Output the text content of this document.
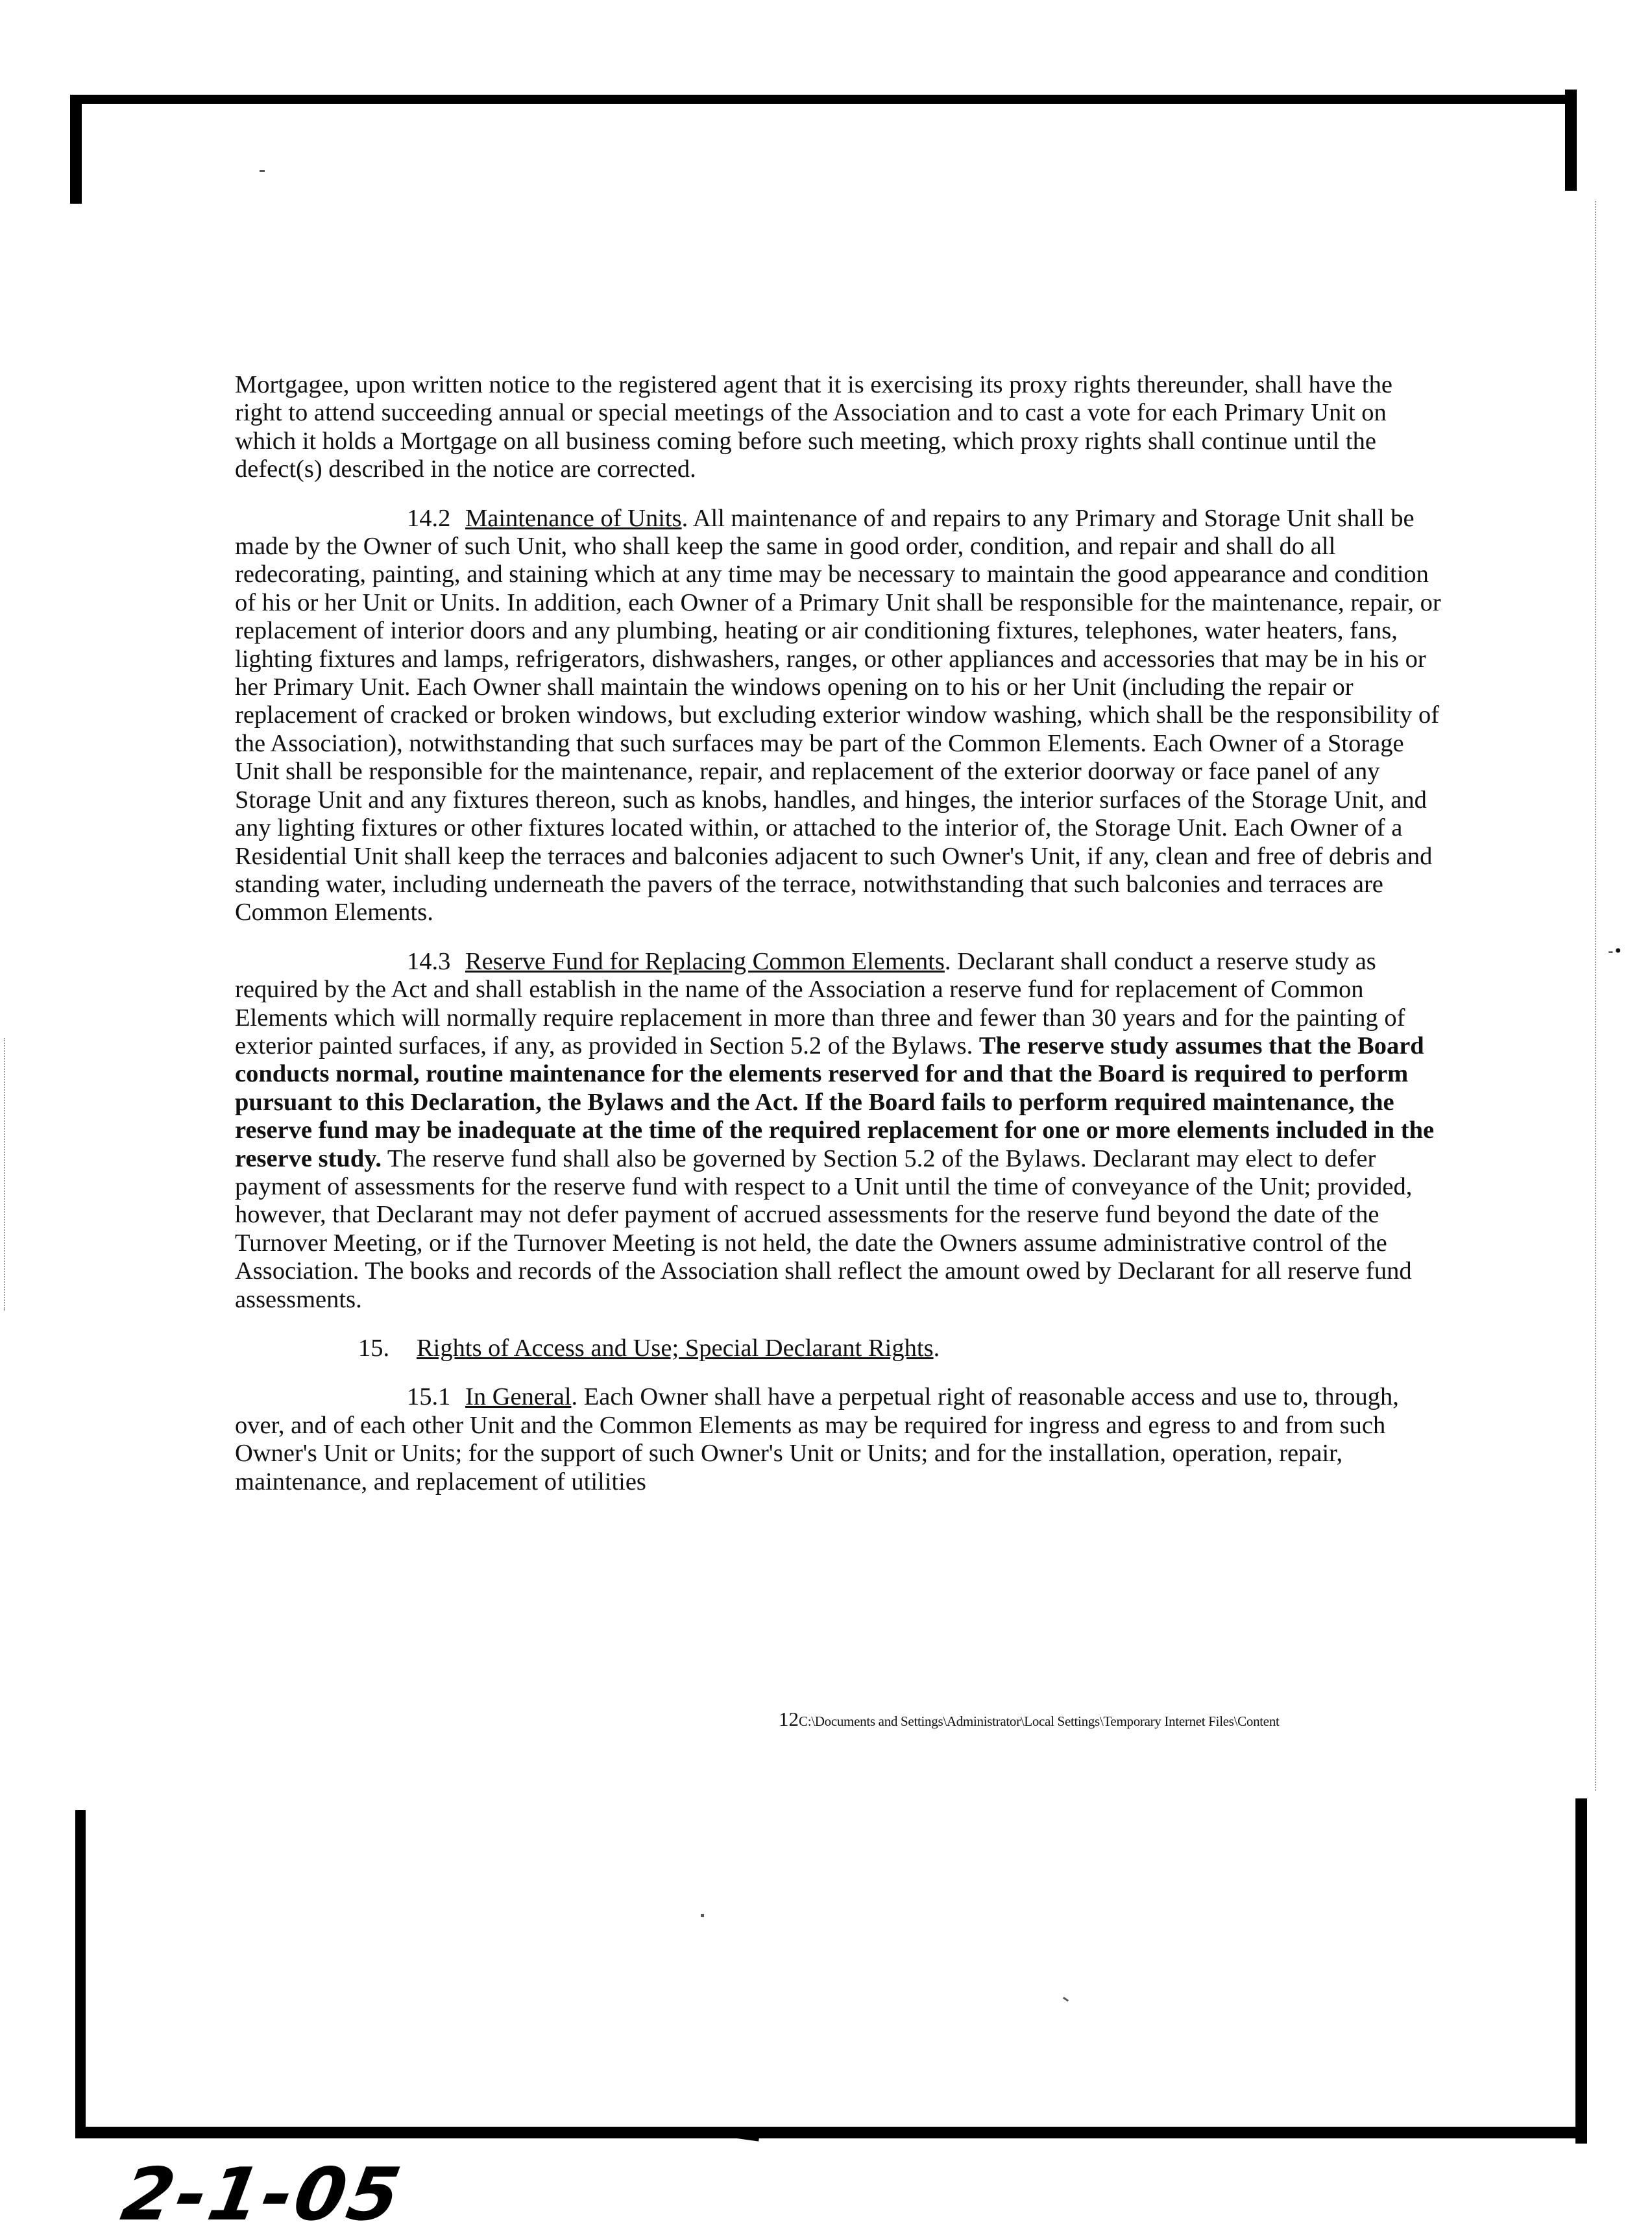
-•

Mortgagee, upon written notice to the registered agent that it is exercising its proxy rights thereunder, shall have the right to attend succeeding annual or special meetings of the Association and to cast a vote for each Primary Unit on which it holds a Mortgage on all business coming before such meeting, which proxy rights shall continue until the defect(s) described in the notice are corrected.

14.2 Maintenance of Units. All maintenance of and repairs to any Primary and Storage Unit shall be made by the Owner of such Unit, who shall keep the same in good order, condition, and repair and shall do all redecorating, painting, and staining which at any time may be necessary to maintain the good appearance and condition of his or her Unit or Units. In addition, each Owner of a Primary Unit shall be responsible for the maintenance, repair, or replacement of interior doors and any plumbing, heating or air conditioning fixtures, telephones, water heaters, fans, lighting fixtures and lamps, refrigerators, dishwashers, ranges, or other appliances and accessories that may be in his or her Primary Unit. Each Owner shall maintain the windows opening on to his or her Unit (including the repair or replacement of cracked or broken windows, but excluding exterior window washing, which shall be the responsibility of the Association), notwithstanding that such surfaces may be part of the Common Elements. Each Owner of a Storage Unit shall be responsible for the maintenance, repair, and replacement of the exterior doorway or face panel of any Storage Unit and any fixtures thereon, such as knobs, handles, and hinges, the interior surfaces of the Storage Unit, and any lighting fixtures or other fixtures located within, or attached to the interior of, the Storage Unit. Each Owner of a Residential Unit shall keep the terraces and balconies adjacent to such Owner's Unit, if any, clean and free of debris and standing water, including underneath the pavers of the terrace, notwithstanding that such balconies and terraces are Common Elements.

14.3 Reserve Fund for Replacing Common Elements. Declarant shall conduct a reserve study as required by the Act and shall establish in the name of the Association a reserve fund for replacement of Common Elements which will normally require replacement in more than three and fewer than 30 years and for the painting of exterior painted surfaces, if any, as provided in Section 5.2 of the Bylaws. The reserve study assumes that the Board conducts normal, routine maintenance for the elements reserved for and that the Board is required to perform pursuant to this Declaration, the Bylaws and the Act. If the Board fails to perform required maintenance, the reserve fund may be inadequate at the time of the required replacement for one or more elements included in the reserve study. The reserve fund shall also be governed by Section 5.2 of the Bylaws. Declarant may elect to defer payment of assessments for the reserve fund with respect to a Unit until the time of conveyance of the Unit; provided, however, that Declarant may not defer payment of accrued assessments for the reserve fund beyond the date of the Turnover Meeting, or if the Turnover Meeting is not held, the date the Owners assume administrative control of the Association. The books and records of the Association shall reflect the amount owed by Declarant for all reserve fund assessments.

15. Rights of Access and Use; Special Declarant Rights.

15.1 In General. Each Owner shall have a perpetual right of reasonable access and use to, through, over, and of each other Unit and the Common Elements as may be required for ingress and egress to and from such Owner's Unit or Units; for the support of such Owner's Unit or Units; and for the installation, operation, repair, maintenance, and replacement of utilities

12C:\Documents and Settings\Administrator\Local Settings\Temporary Internet Files\Content
2-1-05
